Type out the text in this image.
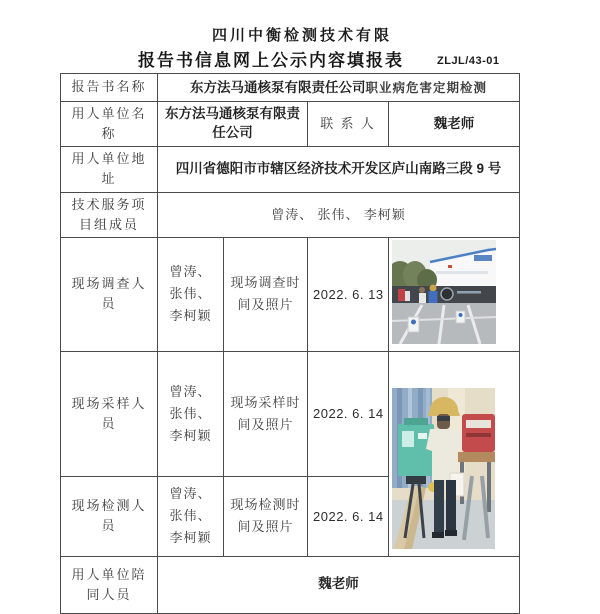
四川中衡检测技术有限
报告书信息网上公示内容填报表	ZLJL/43-01
报告书名称	东方法马通核泵有限责任公司职业病危害定期检测			
用人单位名称	东方法马通核泵有限责任公司		联 系 人	魏老师
用人单位地址	四川省德阳市市辖区经济技术开发区庐山南路三段 9 号			
技术服务项目组成员	曾涛、 张伟、 李柯颖			
现场调查人员	曾涛、张伟、李柯颖	现场调查时间及照片	2022. 6. 13	
现场采样人员	曾涛、张伟、李柯颖	现场采样时间及照片	2022. 6. 14	
现场检测人员	曾涛、张伟、李柯颖	现场检测时间及照片	2022. 6. 14	
用人单位陪同人员	魏老师			
